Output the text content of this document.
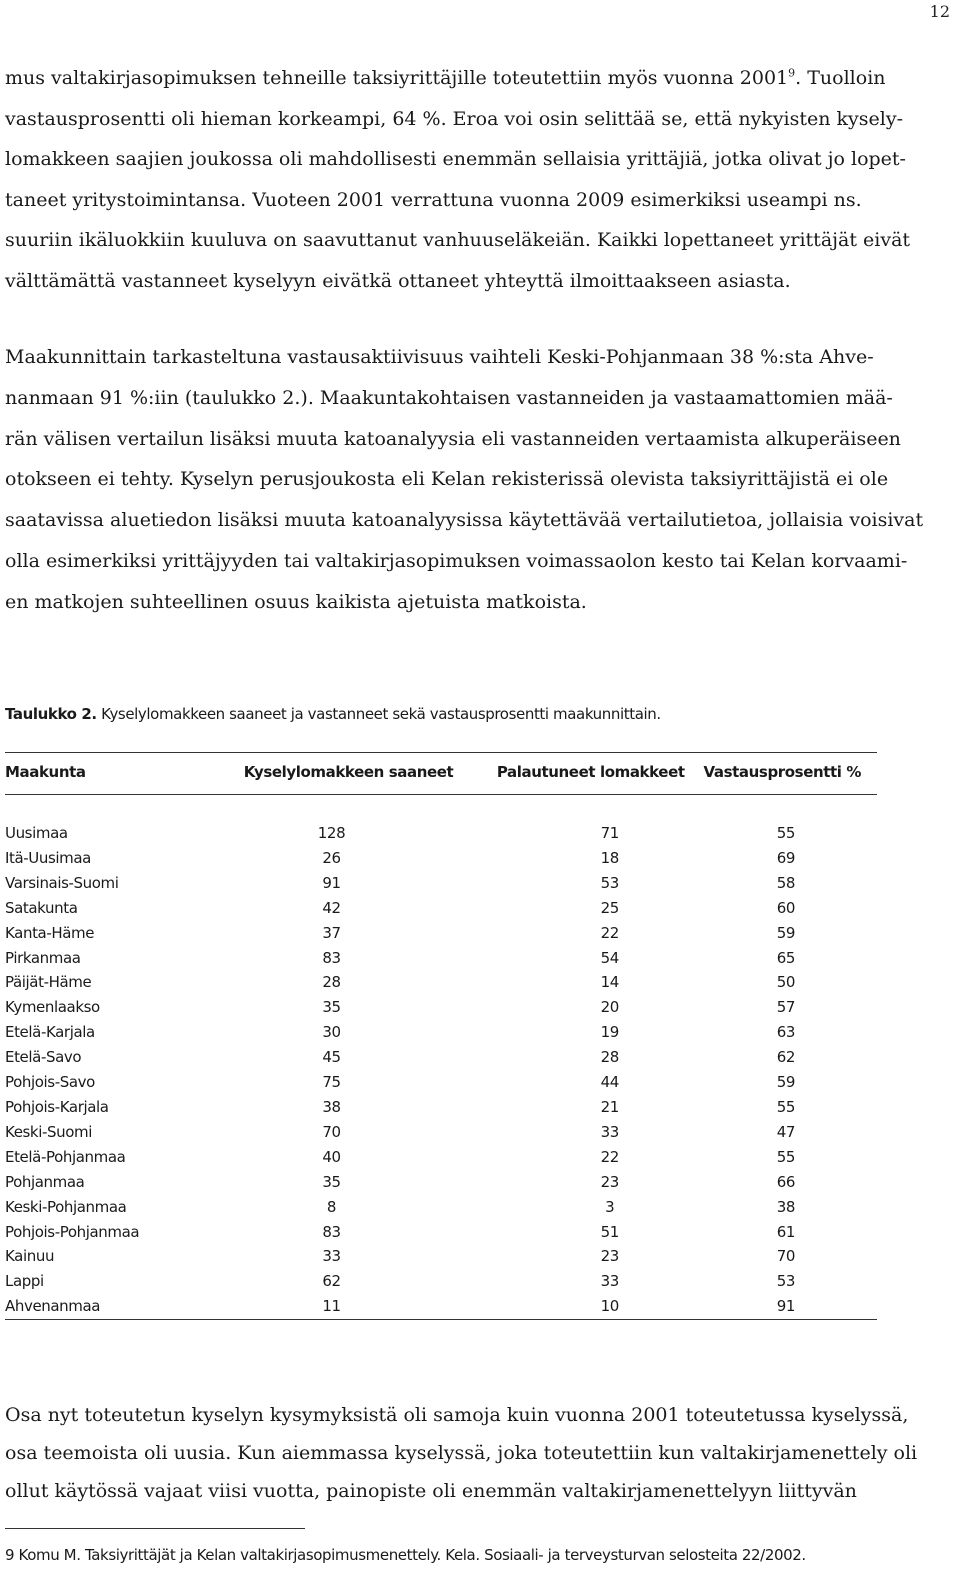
12

mus valtakirjasopimuksen tehneille taksiyrittäjille toteutettiin myös vuonna 2001$^9$. Tuolloin
vastausprosentti oli hieman korkeampi, 64 %. Eroa voi osin selittää se, että nykyisten kysely-
lomakkeen saajien joukossa oli mahdollisesti enemmän sellaisia yrittäjiä, jotka olivat jo lopet-
taneet yritystoimintansa. Vuoteen 2001 verrattuna vuonna 2009 esimerkiksi useampi ns.
suuriin ikäluokkiin kuuluva on saavuttanut vanhuuseläkeiän. Kaikki lopettaneet yrittäjät eivät
välttämättä vastanneet kyselyyn eivätkä ottaneet yhteyttä ilmoittaakseen asiasta.

Maakunnittain tarkasteltuna vastausaktiivisuus vaihteli Keski-Pohjanmaan 38 %:sta Ahve-
nanmaan 91 %:iin (taulukko 2.). Maakuntakohtaisen vastanneiden ja vastaamattomien mää-
rän välisen vertailun lisäksi muuta katoanalyysia eli vastanneiden vertaamista alkuperäiseen
otokseen ei tehty. Kyselyn perusjoukosta eli Kelan rekisterissä olevista taksiyrittäjistä ei ole
saatavissa aluetiedon lisäksi muuta katoanalyysissa käytettävää vertailutietoa, jollaisia voisivat
olla esimerkiksi yrittäjyyden tai valtakirjasopimuksen voimassaolon kesto tai Kelan korvaami-
en matkojen suhteellinen osuus kaikista ajetuista matkoista.

Taulukko 2. Kyselylomakkeen saaneet ja vastanneet sekä vastausprosentti maakunnittain.
Maakunta	Kyselylomakkeen saaneet	Palautuneet lomakkeet	Vastausprosentti %

Uusimaa	128	71	55
Itä-Uusimaa	26	18	69
Varsinais-Suomi	91	53	58
Satakunta	42	25	60
Kanta-Häme	37	22	59
Pirkanmaa	83	54	65
Päijät-Häme	28	14	50
Kymenlaakso	35	20	57
Etelä-Karjala	30	19	63
Etelä-Savo	45	28	62
Pohjois-Savo	75	44	59
Pohjois-Karjala	38	21	55
Keski-Suomi	70	33	47
Etelä-Pohjanmaa	40	22	55
Pohjanmaa	35	23	66
Keski-Pohjanmaa	8	3	38
Pohjois-Pohjanmaa	83	51	61
Kainuu	33	23	70
Lappi	62	33	53
Ahvenanmaa	11	10	91
Osa nyt toteutetun kyselyn kysymyksistä oli samoja kuin vuonna 2001 toteutetussa kyselyssä,
osa teemoista oli uusia. Kun aiemmassa kyselyssä, joka toteutettiin kun valtakirjamenettely oli
ollut käytössä vajaat viisi vuotta, painopiste oli enemmän valtakirjamenettelyyn liittyvän
9 Komu M. Taksiyrittäjät ja Kelan valtakirjasopimusmenettely. Kela. Sosiaali- ja terveysturvan selosteita 22/2002.
